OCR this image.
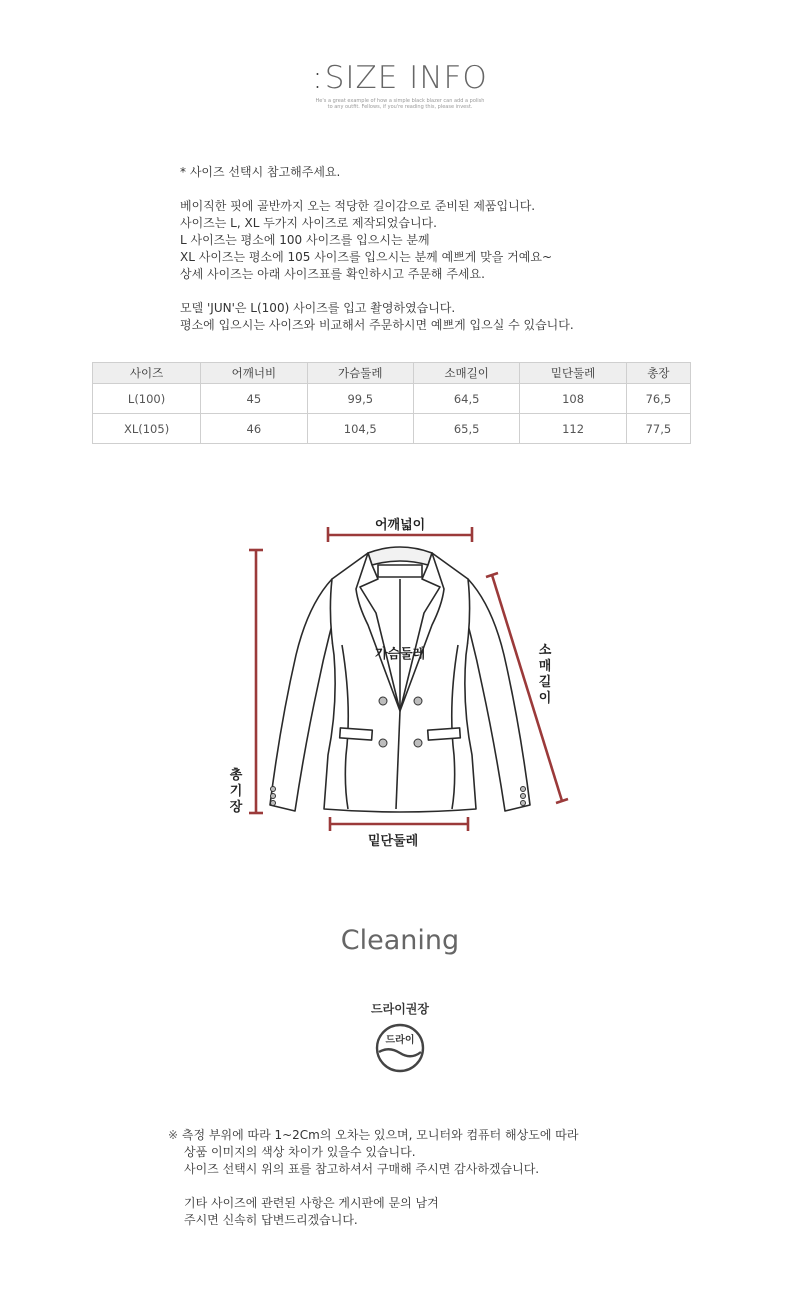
:SIZE INFO
He's a great example of how a simple black blazer can add a polish
to any outfit. Fellows, if you're reading this, please invest.

* 사이즈 선택시 참고해주세요.

베이직한 핏에 골반까지 오는 적당한 길이감으로 준비된 제품입니다.

사이즈는 L, XL 두가지 사이즈로 제작되었습니다.

L 사이즈는 평소에 100 사이즈를 입으시는 분께

XL 사이즈는 평소에 105 사이즈를 입으시는 분께 예쁘게 맞을 거예요~

상세 사이즈는 아래 사이즈표를 확인하시고 주문해 주세요.

모델 'JUN'은 L(100) 사이즈를 입고 촬영하였습니다.

평소에 입으시는 사이즈와 비교해서 주문하시면 예쁘게 입으실 수 있습니다.

사이즈	어깨너비	가슴둘레	소매길이	밑단둘레	총장
L(100)	45	99,5	64,5	108	76,5
XL(105)	46	104,5	65,5	112	77,5
어깨넓이
가슴둘레
밑단둘레
소
매
길
이
총
기
장
Cleaning
드라이권장
드라이

※ 측정 부위에 따라 1~2Cm의 오차는 있으며, 모니터와 컴퓨터 해상도에 따라

상품 이미지의 색상 차이가 있을수 있습니다.

사이즈 선택시 위의 표를 참고하셔서 구매해 주시면 감사하겠습니다.

기타 사이즈에 관련된 사항은 게시판에 문의 남겨

주시면 신속히 답변드리겠습니다.
